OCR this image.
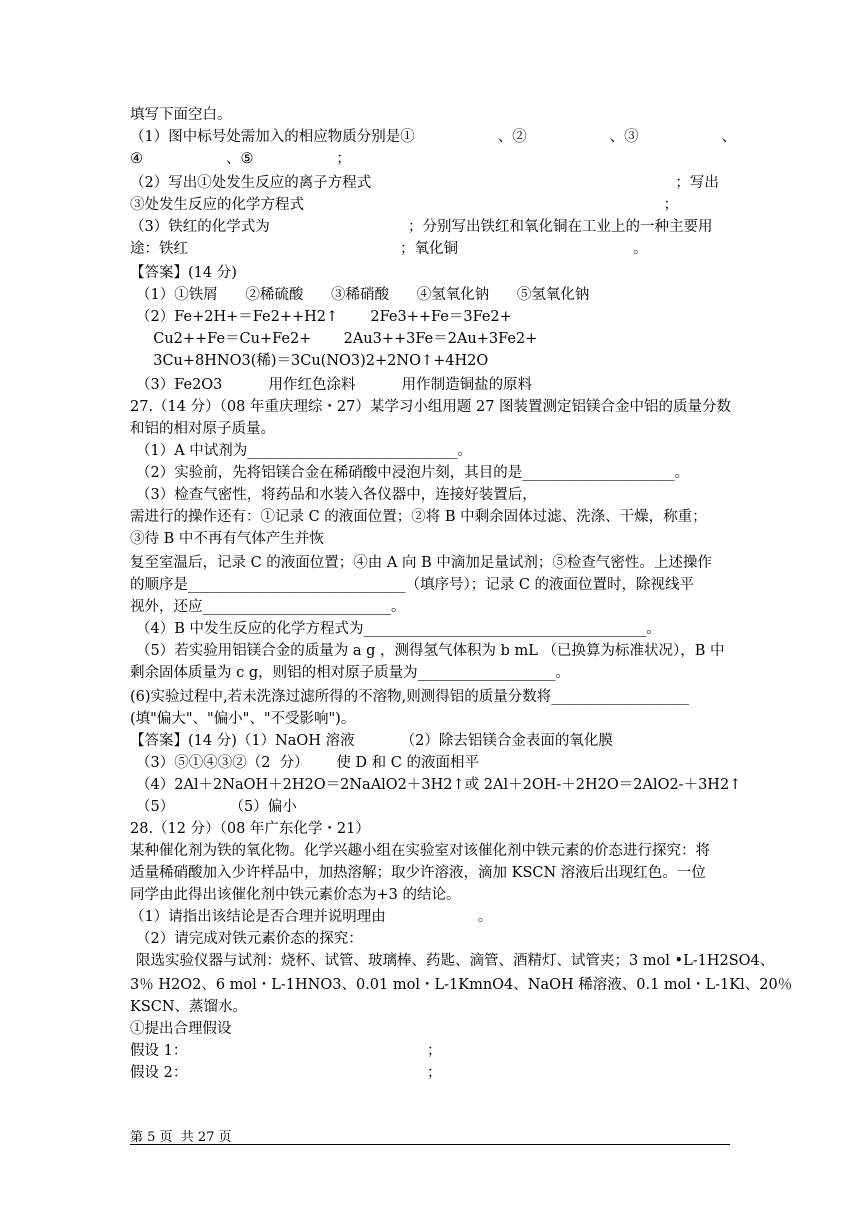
填写下面空白。
（1）图中标号处需加入的相应物质分别是①                  、②                  、③                  、
④                  、⑤                  ；
（2）写出①处发生反应的离子方程式                                                                  ；写出
③处发生反应的化学方程式                                                                              ；
（3）铁红的化学式为                              ；分别写出铁红和氧化铜在工业上的一种主要用
途：铁红                                              ；氧化铜                                      。
【答案】(14 分)
（1）①铁屑      ②稀硫酸      ③稀硝酸      ④氢氧化钠      ⑤氢氧化钠
（2）Fe+2H+＝Fe2++H2↑       2Fe3++Fe＝3Fe2+
Cu2++Fe＝Cu+Fe2+       2Au3++3Fe＝2Au+3Fe2+
3Cu+8HNO3(稀)＝3Cu(NO3)2+2NO↑+4H2O
（3）Fe2O3          用作红色涂料          用作制造铜盐的原料
27.（14 分）（08 年重庆理综・27）某学习小组用题 27 图装置测定铝镁合金中铝的质量分数
和铝的相对原子质量。
（1）A 中试剂为_____________________________。
（2）实验前，先将铝镁合金在稀硝酸中浸泡片刻，其目的是_____________________。
（3）检查气密性，将药品和水装入各仪器中，连接好装置后，
需进行的操作还有：①记录 C 的液面位置；②将 B 中剩余固体过滤、洗涤、干燥，称重；
③待 B 中不再有气体产生并恢
复至室温后，记录 C 的液面位置；④由 A 向 B 中滴加足量试剂；⑤检查气密性。上述操作
的顺序是______________________________（填序号）；记录 C 的液面位置时，除视线平
视外，还应__________________________。
（4）B 中发生反应的化学方程式为_______________________________________。
（5）若实验用铝镁合金的质量为 a g ，测得氢气体积为 b mL （已换算为标准状况），B 中
剩余固体质量为 c g，则铝的相对原子质量为___________________。
(6)实验过程中,若未洗涤过滤所得的不溶物,则测得铝的质量分数将___________________
(填"偏大"、"偏小"、"不受影响")。
【答案】(14 分)（1）NaOH 溶液          （2）除去铝镁合金表面的氧化膜
（3）⑤①④③②（2  分）      使 D 和 C 的液面相平
（4）2Al＋2NaOH＋2H2O＝2NaAlO2＋3H2↑或 2Al＋2OH-＋2H2O＝2AlO2-＋3H2↑
（5）            （5）偏小
28.（12 分）（08 年广东化学・21）
某种催化剂为铁的氧化物。化学兴趣小组在实验室对该催化剂中铁元素的价态进行探究：将
适量稀硝酸加入少许样品中，加热溶解；取少许溶液，滴加 KSCN 溶液后出现红色。一位
同学由此得出该催化剂中铁元素价态为+3 的结论。
（1）请指出该结论是否合理并说明理由                    。
（2）请完成对铁元素价态的探究：
限选实验仪器与试剂：烧杯、试管、玻璃棒、药匙、滴管、酒精灯、试管夹；3 mol •L-1H2SO4、
3％ H2O2、6 mol・L-1HNO3、0.01 mol・L-1KmnO4、NaOH 稀溶液、0.1 mol・L-1Kl、20％
KSCN、蒸馏水。
①提出合理假设
假设 1：                                                    ；
假设 2：                                                    ；
第 5 页  共 27 页
